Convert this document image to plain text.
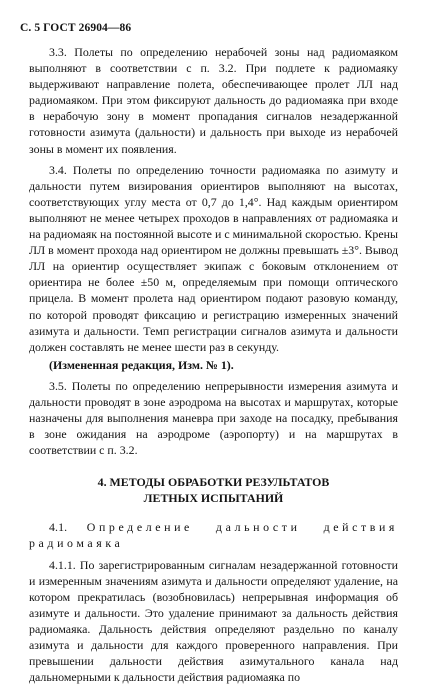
С. 5 ГОСТ 26904—86

3.3. Полеты по определению нерабочей зоны над радиомаяком выполняют в соответствии с п. 3.2. При подлете к радиомаяку выдерживают направление полета, обеспечивающее пролет ЛЛ над радиомаяком. При этом фиксируют дальность до радиомаяка при входе в нерабочую зону в момент пропадания сигналов незадержанной готовности азимута (дальности) и дальность при выходе из нерабочей зоны в момент их появления.

3.4. Полеты по определению точности радиомаяка по азимуту и дальности путем визирования ориентиров выполняют на высотах, соответствующих углу места от 0,7 до 1,4°. Над каждым ориентиром выполняют не менее четырех проходов в направлениях от радиомаяка и на радиомаяк на постоянной высоте и с минимальной скоростью. Крены ЛЛ в момент прохода над ориентиром не должны превышать ±3°. Вывод ЛЛ на ориентир осуществляет экипаж с боковым отклонением от ориентира не более ±50 м, определяемым при помощи оптического прицела. В момент пролета над ориентиром подают разовую команду, по которой проводят фиксацию и регистрацию измеренных значений азимута и дальности. Темп регистрации сигналов азимута и дальности должен составлять не менее шести раз в секунду.

(Измененная редакция, Изм. № 1).

3.5. Полеты по определению непрерывности измерения азимута и дальности проводят в зоне аэродрома на высотах и маршрутах, которые назначены для выполнения маневра при заходе на посадку, пребывания в зоне ожидания на аэродроме (аэропорту) и на маршрутах в соответствии с п. 3.2.

4. МЕТОДЫ ОБРАБОТКИ РЕЗУЛЬТАТОВ
ЛЕТНЫХ ИСПЫТАНИЙ

4.1. Определение дальности действия радиомаяка

4.1.1. По зарегистрированным сигналам незадержанной готовности и измеренным значениям азимута и дальности определяют удаление, на котором прекратилась (возобновилась) непрерывная информация об азимуте и дальности. Это удаление принимают за дальность действия радиомаяка. Дальность действия определяют раздельно по каналу азимута и дальности для каждого проверенного направления. При превышении дальности действия азимутального канала над дальномерными к дальности действия радиомаяка по
